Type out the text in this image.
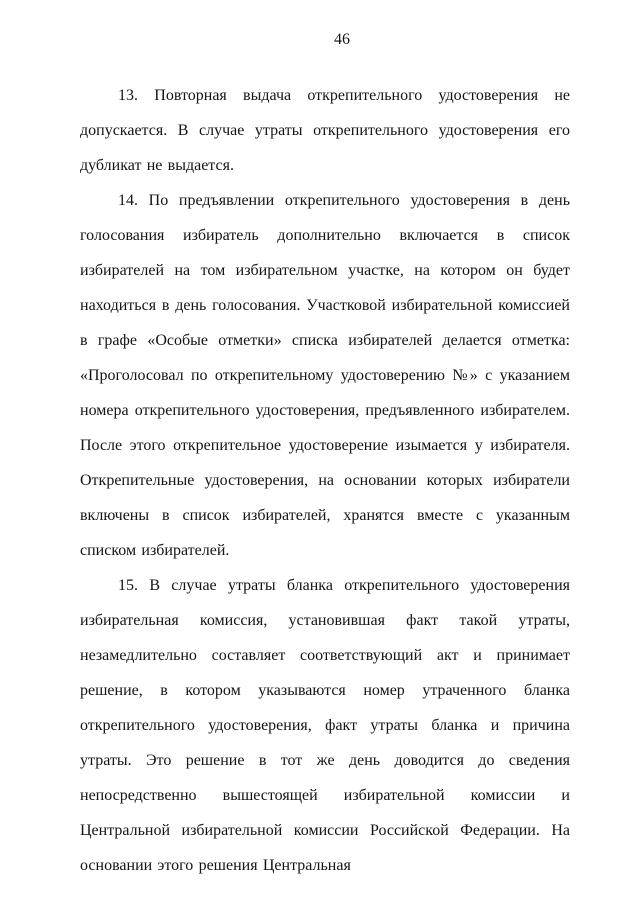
46

13. Повторная выдача открепительного удостоверения не допускается. В случае утраты открепительного удостоверения его дубликат не выдается.

14. По предъявлении открепительного удостоверения в день голосования избиратель дополнительно включается в список избирателей на том избирательном участке, на котором он будет находиться в день голосования. Участковой избирательной комиссией в графе «Особые отметки» списка избирателей делается отметка: «Проголосовал по открепительному удостоверению №» с указанием номера открепительного удостоверения, предъявленного избирателем. После этого открепительное удостоверение изымается у избирателя. Открепительные удостоверения, на основании которых избиратели включены в список избирателей, хранятся вместе с указанным списком избирателей.

15. В случае утраты бланка открепительного удостоверения избирательная комиссия, установившая факт такой утраты, незамедлительно составляет соответствующий акт и принимает решение, в котором указываются номер утраченного бланка открепительного удостоверения, факт утраты бланка и причина утраты. Это решение в тот же день доводится до сведения непосредственно вышестоящей избирательной комиссии и Центральной избирательной комиссии Российской Федерации. На основании этого решения Центральная
